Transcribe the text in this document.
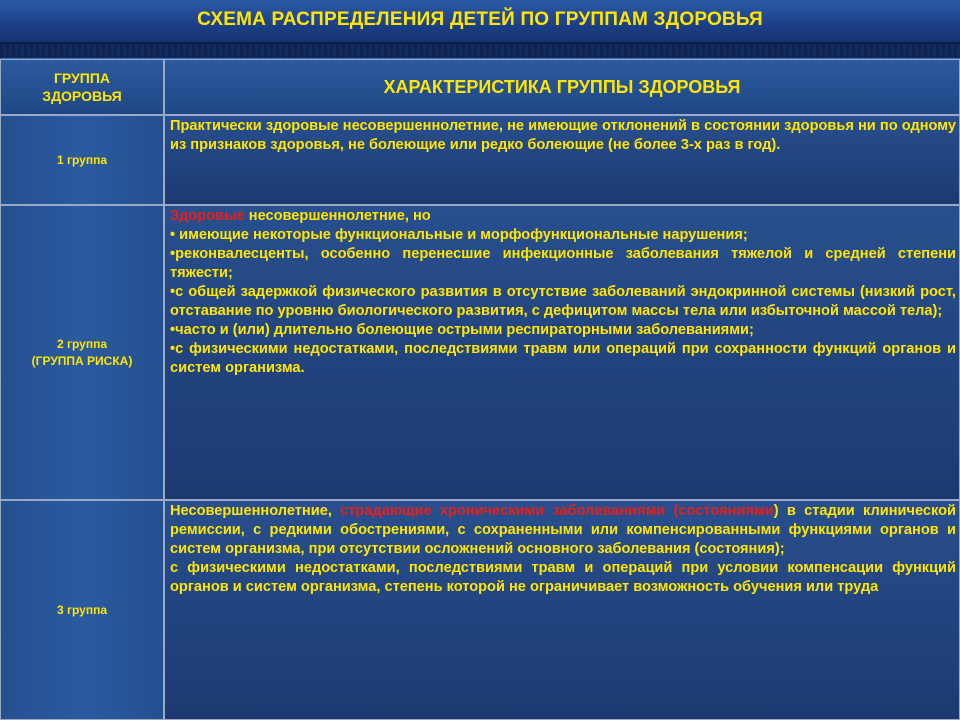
СХЕМА РАСПРЕДЕЛЕНИЯ ДЕТЕЙ ПО ГРУППАМ ЗДОРОВЬЯ
ГРУППА ЗДОРОВЬЯ	ХАРАКТЕРИСТИКА ГРУППЫ ЗДОРОВЬЯ
1 группа

Практически здоровые несовершеннолетние, не имеющие отклонений в состоянии здоровья ни по одному из признаков здоровья, не болеющие или редко болеющие (не более 3-х раз в год).

2 группа
(ГРУППА РИСКА)

Здоровые несовершеннолетние, но

• имеющие некоторые функциональные и морфофункциональные нарушения;

•реконвалесценты, особенно перенесшие инфекционные заболевания тяжелой и средней степени тяжести;

•с общей задержкой физического развития в отсутствие заболеваний эндокринной системы (низкий рост, отставание по уровню биологического развития, с дефицитом массы тела или избыточной массой тела);

•часто и (или) длительно болеющие острыми респираторными заболеваниями;

•с физическими недостатками, последствиями травм или операций при сохранности функций органов и систем организма.

3 группа

Несовершеннолетние, страдающие хроническими заболеваниями (состояниями) в стадии клинической ремиссии, с редкими обострениями, с сохраненными или компенсированными функциями органов и систем организма, при отсутствии осложнений основного заболевания (состояния);

с физическими недостатками, последствиями травм и операций при условии компенсации функций органов и систем организма, степень которой не ограничивает возможность обучения или труда
